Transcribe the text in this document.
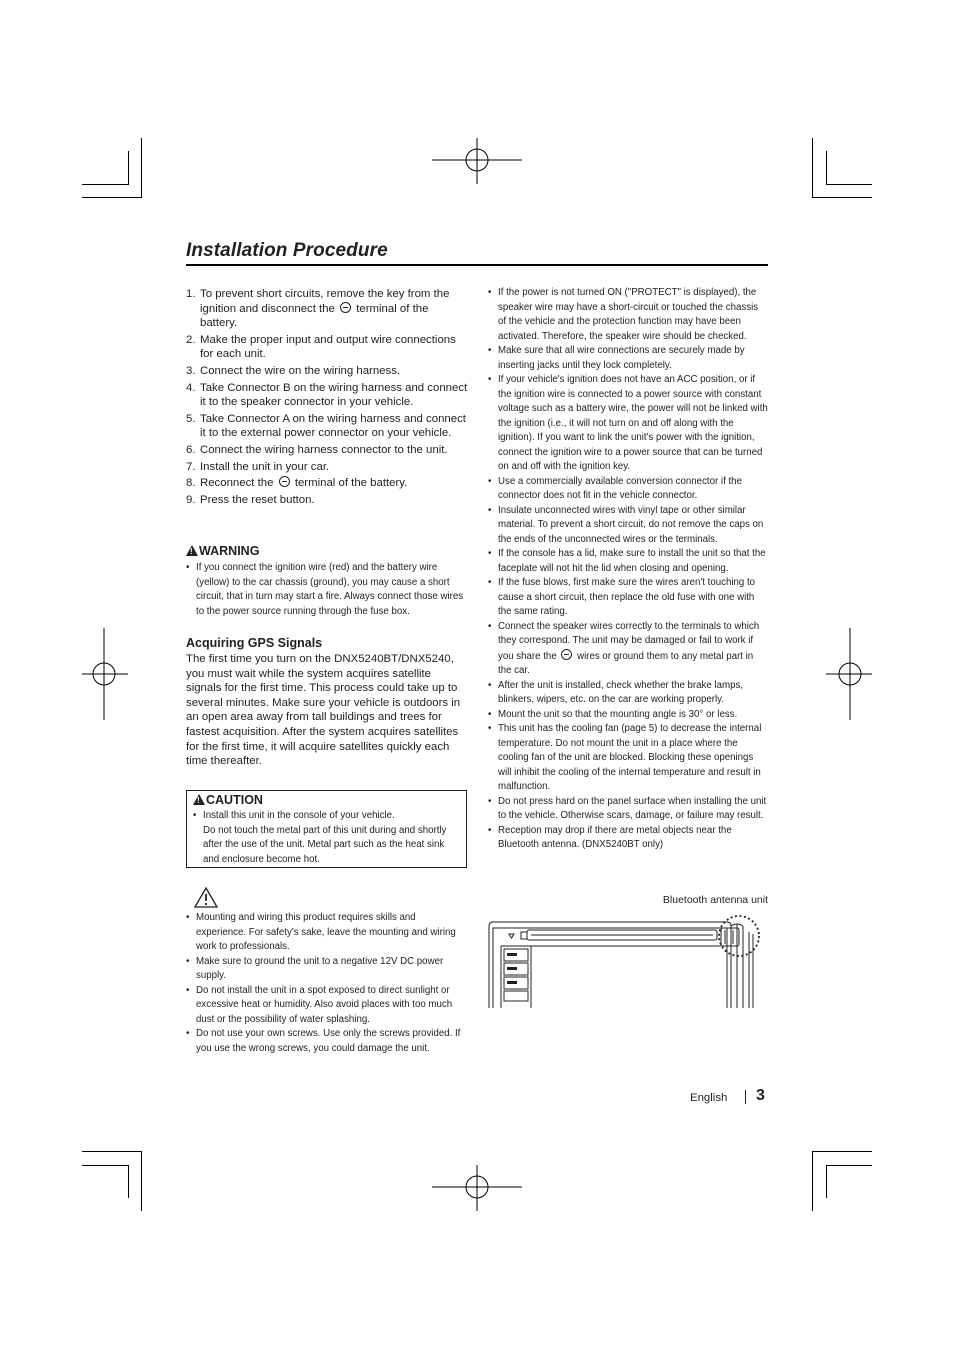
Installation Procedure
1. To prevent short circuits, remove the key from the ignition and disconnect the terminal of the battery.
2. Make the proper input and output wire connections for each unit.
3. Connect the wire on the wiring harness.
4. Take Connector B on the wiring harness and connect it to the speaker connector in your vehicle.
5. Take Connector A on the wiring harness and connect it to the external power connector on your vehicle.
6. Connect the wiring harness connector to the unit.
7. Install the unit in your car.
8. Reconnect the terminal of the battery.
9. Press the reset button.
!WARNING
• If you connect the ignition wire (red) and the battery wire (yellow) to the car chassis (ground), you may cause a short circuit, that in turn may start a fire. Always connect those wires to the power source running through the fuse box.
Acquiring GPS Signals

The first time you turn on the DNX5240BT/DNX5240, you must wait while the system acquires satellite signals for the first time. This process could take up to several minutes. Make sure your vehicle is outdoors in an open area away from tall buildings and trees for fastest acquisition. After the system acquires satellites for the first time, it will acquire satellites quickly each time thereafter.

!CAUTION
• Install this unit in the console of your vehicle.
Do not touch the metal part of this unit during and shortly after the use of the unit. Metal part such as the heat sink and enclosure become hot.
• Mounting and wiring this product requires skills and experience. For safety's sake, leave the mounting and wiring work to professionals.
• Make sure to ground the unit to a negative 12V DC power supply.
• Do not install the unit in a spot exposed to direct sunlight or excessive heat or humidity. Also avoid places with too much dust or the possibility of water splashing.
• Do not use your own screws. Use only the screws provided. If you use the wrong screws, you could damage the unit.
• If the power is not turned ON ("PROTECT" is displayed), the speaker wire may have a short-circuit or touched the chassis of the vehicle and the protection function may have been activated. Therefore, the speaker wire should be checked.
• Make sure that all wire connections are securely made by inserting jacks until they lock completely.
• If your vehicle's ignition does not have an ACC position, or if the ignition wire is connected to a power source with constant voltage such as a battery wire, the power will not be linked with the ignition (i.e., it will not turn on and off along with the ignition). If you want to link the unit's power with the ignition, connect the ignition wire to a power source that can be turned on and off with the ignition key.
• Use a commercially available conversion connector if the connector does not fit in the vehicle connector.
• Insulate unconnected wires with vinyl tape or other similar material. To prevent a short circuit, do not remove the caps on the ends of the unconnected wires or the terminals.
• If the console has a lid, make sure to install the unit so that the faceplate will not hit the lid when closing and opening.
• If the fuse blows, first make sure the wires aren't touching to cause a short circuit, then replace the old fuse with one with the same rating.
• Connect the speaker wires correctly to the terminals to which they correspond. The unit may be damaged or fail to work if you share the wires or ground them to any metal part in the car.
• After the unit is installed, check whether the brake lamps, blinkers, wipers, etc. on the car are working properly.
• Mount the unit so that the mounting angle is 30° or less.
• This unit has the cooling fan (page 5) to decrease the internal temperature. Do not mount the unit in a place where the cooling fan of the unit are blocked. Blocking these openings will inhibit the cooling of the internal temperature and result in malfunction.
• Do not press hard on the panel surface when installing the unit to the vehicle. Otherwise scars, damage, or failure may result.
• Reception may drop if there are metal objects near the Bluetooth antenna. (DNX5240BT only)
Bluetooth antenna unit
English 3
